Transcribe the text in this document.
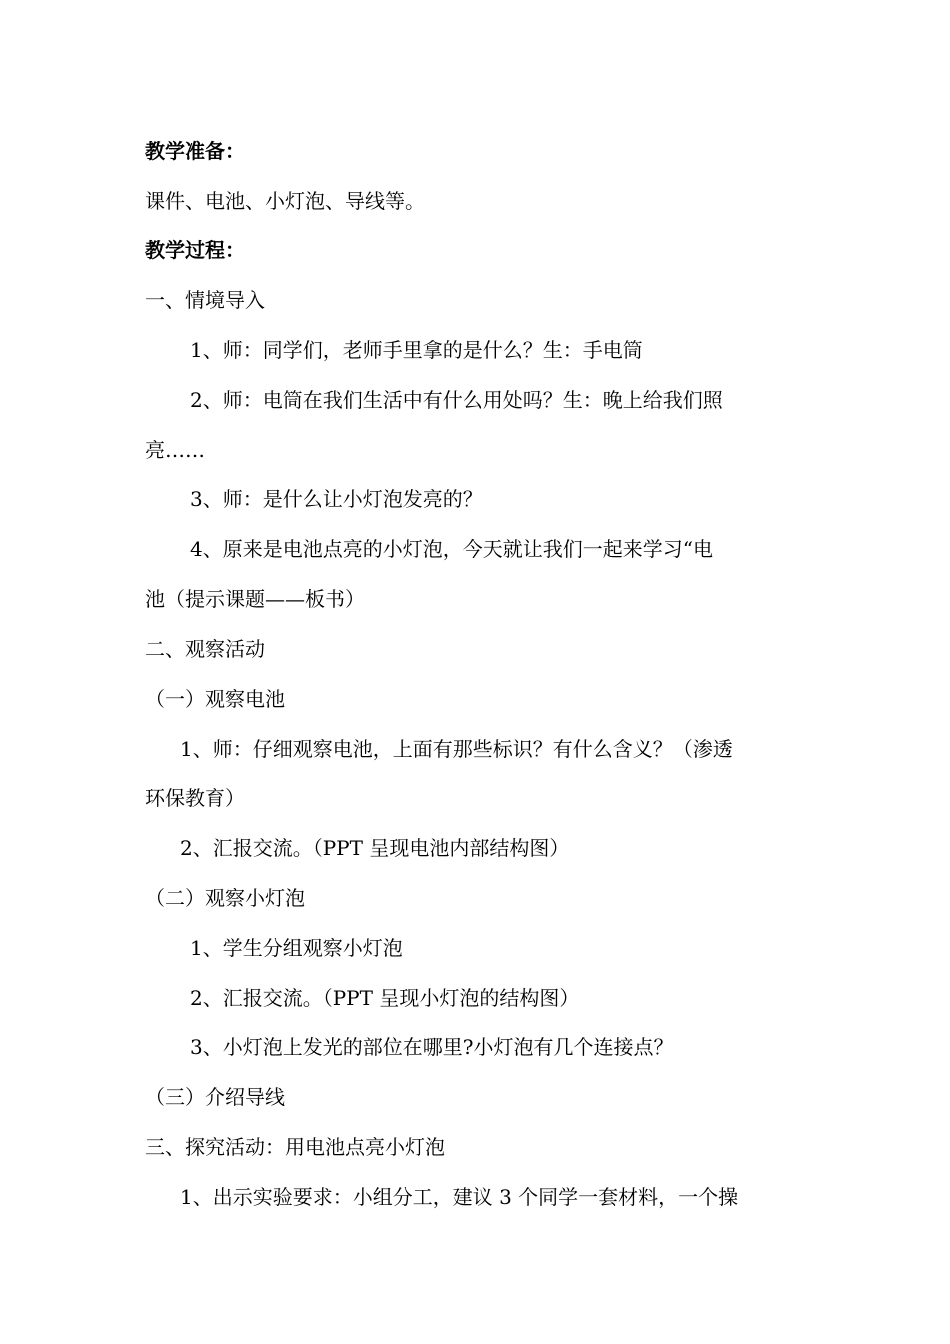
教学准备：
课件、电池、小灯泡、导线等。
教学过程：
一、情境导入
1、师：同学们，老师手里拿的是什么？生：手电筒
2、师：电筒在我们生活中有什么用处吗？生：晚上给我们照
亮……
3、师：是什么让小灯泡发亮的？
4、原来是电池点亮的小灯泡，今天就让我们一起来学习“电
池（提示课题——板书）
二、观察活动
（一）观察电池
1、师：仔细观察电池，上面有那些标识？有什么含义？（渗透
环保教育）
2、汇报交流。（PPT 呈现电池内部结构图）
（二）观察小灯泡
1、学生分组观察小灯泡
2、汇报交流。（PPT 呈现小灯泡的结构图）
3、小灯泡上发光的部位在哪里?小灯泡有几个连接点？
（三）介绍导线
三、探究活动：用电池点亮小灯泡
1、出示实验要求：小组分工，建议 3 个同学一套材料，一个操
